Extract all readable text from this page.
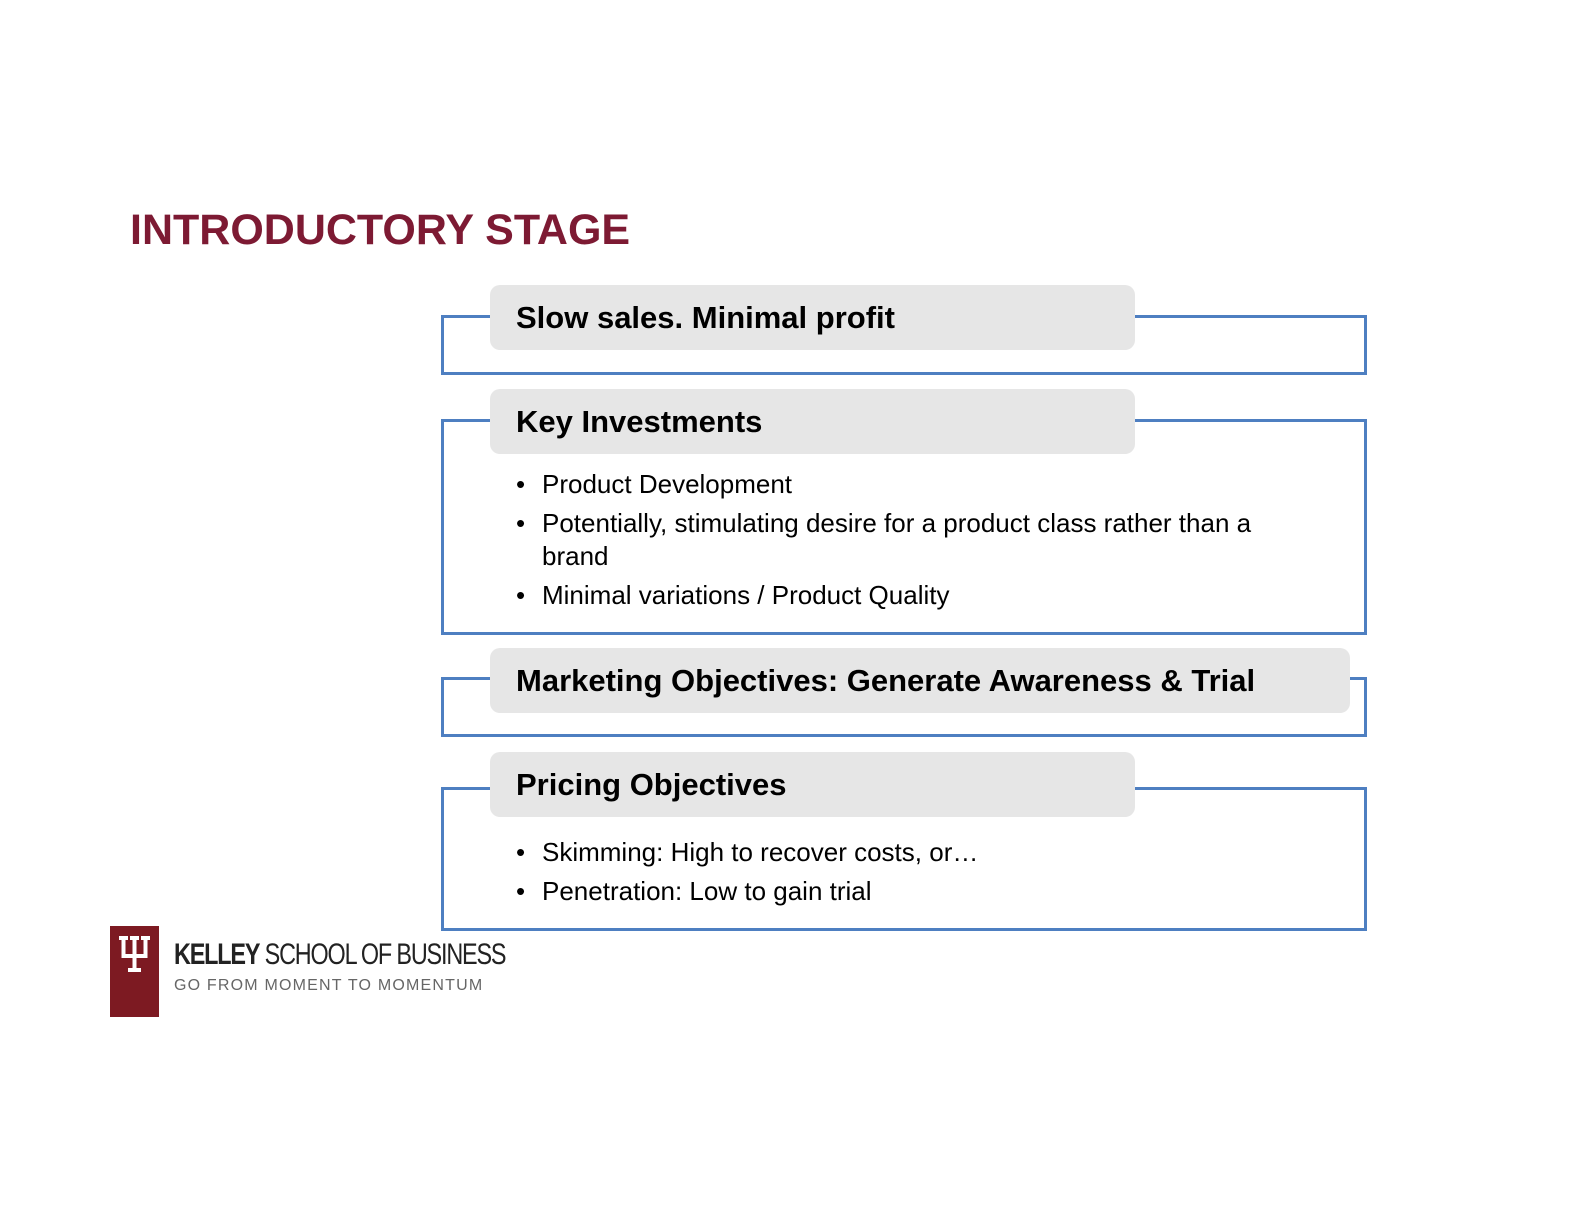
INTRODUCTORY STAGE
Slow sales. Minimal profit
Key Investments
• Product Development
• Potentially, stimulating desire for a product class rather than a brand
• Minimal variations / Product Quality
Marketing Objectives: Generate Awareness & Trial
Pricing Objectives
• Skimming: High to recover costs, or…
• Penetration: Low to gain trial
KELLEY SCHOOL OF BUSINESS
GO FROM MOMENT TO MOMENTUM
